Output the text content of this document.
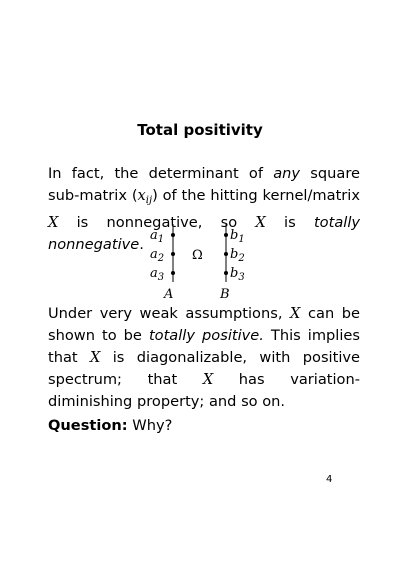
Total positivity
In fact, the determinant of any square sub-matrix $(x_{ij})$ of the hitting kernel/matrix X is nonnegative, so X is totally nonnegative.
$a_1$
$a_2$
$a_3$
$b_1$
$b_2$
$b_3$
Ω
A	B
Under very weak assumptions, X can be shown to be totally positive. This implies that X is diagonalizable, with positive spectrum; that X has variation-diminishing property; and so on.
Question: Why?
4
